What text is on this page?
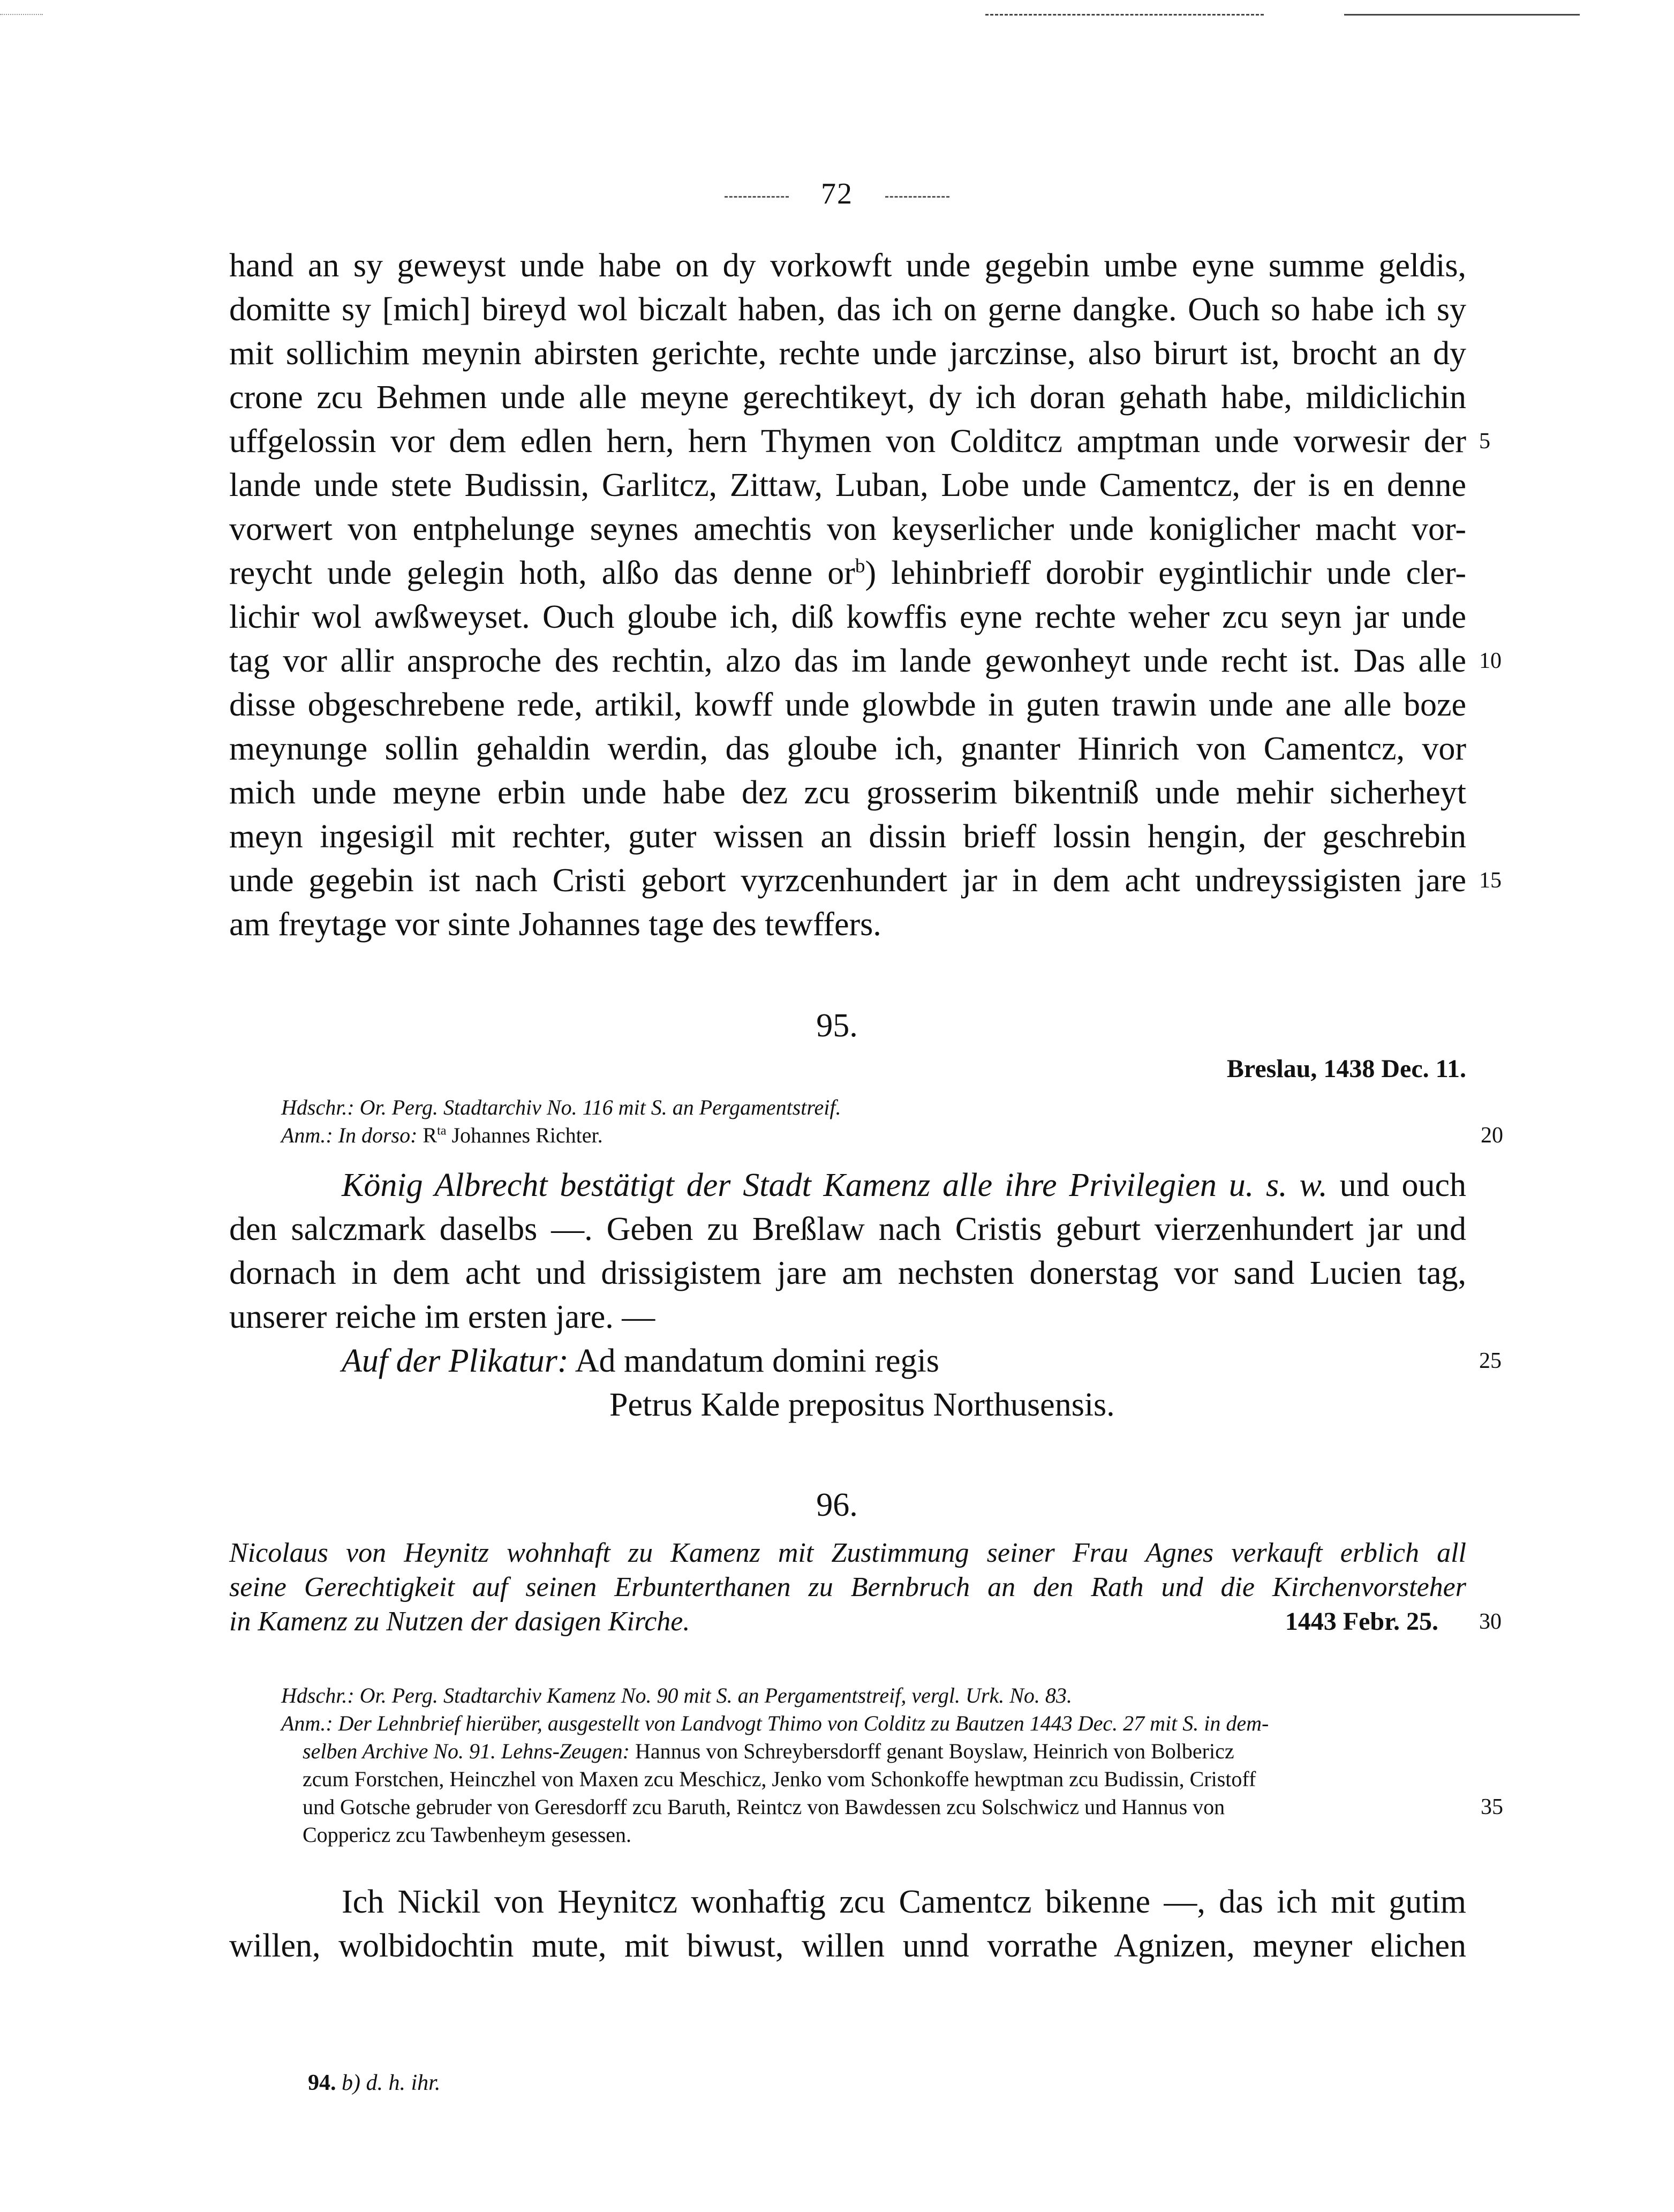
72
hand an sy geweyst unde habe on dy vorkowft unde gegebin umbe eyne summe geldis,
domitte sy [mich] bireyd wol biczalt haben, das ich on gerne dangke. Ouch so habe ich sy
mit sollichim meynin abirsten gerichte, rechte unde jarczinse, also birurt ist, brocht an dy
crone zcu Behmen unde alle meyne gerechtikeyt, dy ich doran gehath habe, mildiclichin
uffgelossin vor dem edlen hern, hern Thymen von Colditcz amptman unde vorwesir der 5
lande unde stete Budissin, Garlitcz, Zittaw, Luban, Lobe unde Camentcz, der is en denne
vorwert von entphelunge seynes amechtis von keyserlicher unde koniglicher macht vor-
reycht unde gelegin hoth, alßo das denne $or^b$) lehinbrieff dorobir eygintlichir unde cler-
lichir wol awßweyset. Ouch gloube ich, diß kowffis eyne rechte weher zcu seyn jar unde
tag vor allir ansproche des rechtin, alzo das im lande gewonheyt unde recht ist. Das alle 10
disse obgeschrebene rede, artikil, kowff unde glowbde in guten trawin unde ane alle boze
meynunge sollin gehaldin werdin, das gloube ich, gnanter Hinrich von Camentcz, vor
mich unde meyne erbin unde habe dez zcu grosserim bikentniß unde mehir sicherheyt
meyn ingesigil mit rechter, guter wissen an dissin brieff lossin hengin, der geschrebin
unde gegebin ist nach Cristi gebort vyrzcenhundert jar in dem acht undreyssigisten jare 15
am freytage vor sinte Johannes tage des tewffers.
95.
Breslau, 1438 Dec. 11.
Hdschr.: Or. Perg. Stadtarchiv No. 116 mit S. an Pergamentstreif.
Anm.: In dorso: $R^{ta}$ Johannes Richter.	20
König Albrecht bestätigt der Stadt Kamenz alle ihre Privilegien u. s. w. und ouch
den salczmark daselbs —. Geben zu Breßlaw nach Cristis geburt vierzenhundert jar und
dornach in dem acht und drissigistem jare am nechsten donerstag vor sand Lucien tag,
unserer reiche im ersten jare. —
Auf der Plikatur: Ad mandatum domini regis	25
Petrus Kalde prepositus Northusensis.
96.
Nicolaus von Heynitz wohnhaft zu Kamenz mit Zustimmung seiner Frau Agnes verkauft erblich all
seine Gerechtigkeit auf seinen Erbunterthanen zu Bernbruch an den Rath und die Kirchenvorsteher
in Kamenz zu Nutzen der dasigen Kirche.	1443 Febr. 25. 30
Hdschr.: Or. Perg. Stadtarchiv Kamenz No. 90 mit S. an Pergamentstreif, vergl. Urk. No. 83.
Anm.: Der Lehnbrief hierüber, ausgestellt von Landvogt Thimo von Colditz zu Bautzen 1443 Dec. 27 mit S. in dem-
selben Archive No. 91. Lehns-Zeugen: Hannus von Schreybersdorff genant Boyslaw, Heinrich von Bolbericz
zcum Forstchen, Heinczhel von Maxen zcu Meschicz, Jenko vom Schonkoffe hewptman zcu Budissin, Cristoff
und Gotsche gebruder von Geresdorff zcu Baruth, Reintcz von Bawdessen zcu Solschwicz und Hannus von	35
Coppericz zcu Tawbenheym gesessen.
Ich Nickil von Heynitcz wonhaftig zcu Camentcz bikenne —, das ich mit gutim
willen, wolbidochtin mute, mit biwust, willen unnd vorrathe Agnizen, meyner elichen
94. b) d. h. ihr.
